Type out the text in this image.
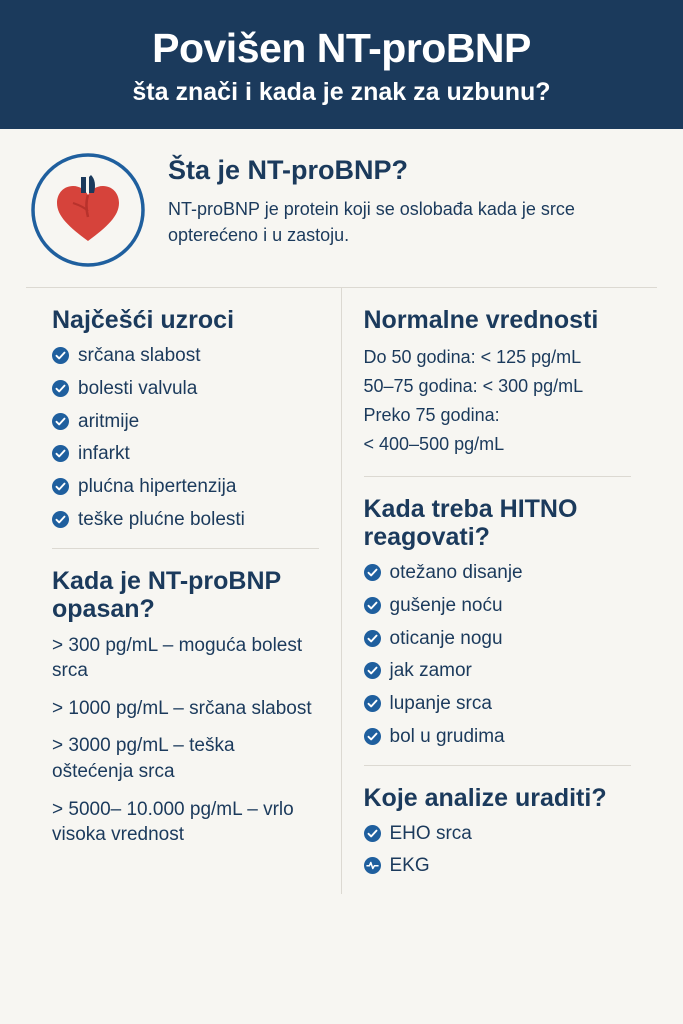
Povišen NT-proBNP
šta znači i kada je znak za uzbunu?
Šta je NT-proBNP?

NT-proBNP je protein koji se oslobađa kada je srce opterećeno i u zastoju.

Najčešći uzroci
srčana slabost
bolesti valvula
aritmije
infarkt
plućna hipertenzija
teške plućne bolesti
Kada je NT-proBNP opasan?

> 300 pg/mL – moguća bolest srca

> 1000 pg/mL – srčana slabost

> 3000 pg/mL – teška oštećenja srca

> 5000– 10.000 pg/mL – vrlo visoka vrednost

Normalne vrednosti

Do 50 godina: < 125 pg/mL

50–75 godina: < 300 pg/mL

Preko 75 godina:

< 400–500 pg/mL

Kada treba HITNO reagovati?
otežano disanje
gušenje noću
oticanje nogu
jak zamor
lupanje srca
bol u grudima
Koje analize uraditi?
EHO srca
EKG
